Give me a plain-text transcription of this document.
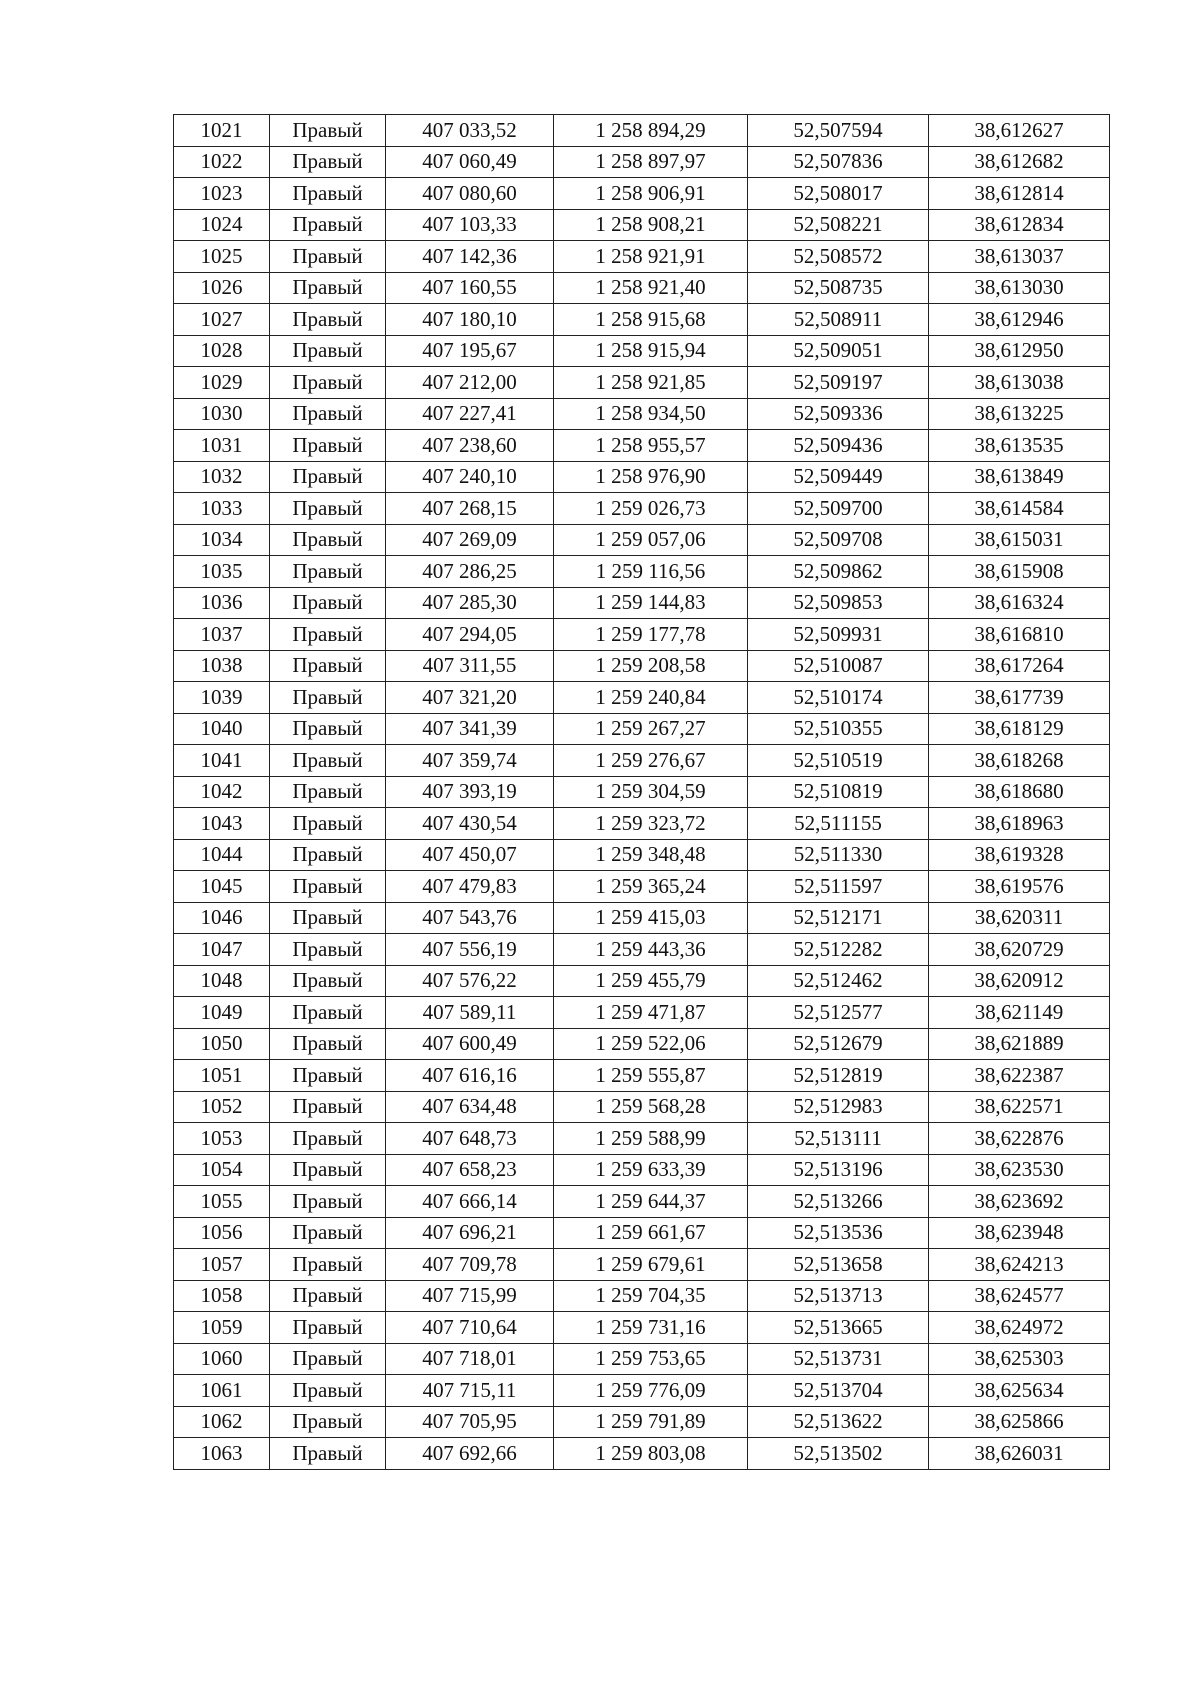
1021	Правый	407 033,52	1 258 894,29	52,507594	38,612627
1022	Правый	407 060,49	1 258 897,97	52,507836	38,612682
1023	Правый	407 080,60	1 258 906,91	52,508017	38,612814
1024	Правый	407 103,33	1 258 908,21	52,508221	38,612834
1025	Правый	407 142,36	1 258 921,91	52,508572	38,613037
1026	Правый	407 160,55	1 258 921,40	52,508735	38,613030
1027	Правый	407 180,10	1 258 915,68	52,508911	38,612946
1028	Правый	407 195,67	1 258 915,94	52,509051	38,612950
1029	Правый	407 212,00	1 258 921,85	52,509197	38,613038
1030	Правый	407 227,41	1 258 934,50	52,509336	38,613225
1031	Правый	407 238,60	1 258 955,57	52,509436	38,613535
1032	Правый	407 240,10	1 258 976,90	52,509449	38,613849
1033	Правый	407 268,15	1 259 026,73	52,509700	38,614584
1034	Правый	407 269,09	1 259 057,06	52,509708	38,615031
1035	Правый	407 286,25	1 259 116,56	52,509862	38,615908
1036	Правый	407 285,30	1 259 144,83	52,509853	38,616324
1037	Правый	407 294,05	1 259 177,78	52,509931	38,616810
1038	Правый	407 311,55	1 259 208,58	52,510087	38,617264
1039	Правый	407 321,20	1 259 240,84	52,510174	38,617739
1040	Правый	407 341,39	1 259 267,27	52,510355	38,618129
1041	Правый	407 359,74	1 259 276,67	52,510519	38,618268
1042	Правый	407 393,19	1 259 304,59	52,510819	38,618680
1043	Правый	407 430,54	1 259 323,72	52,511155	38,618963
1044	Правый	407 450,07	1 259 348,48	52,511330	38,619328
1045	Правый	407 479,83	1 259 365,24	52,511597	38,619576
1046	Правый	407 543,76	1 259 415,03	52,512171	38,620311
1047	Правый	407 556,19	1 259 443,36	52,512282	38,620729
1048	Правый	407 576,22	1 259 455,79	52,512462	38,620912
1049	Правый	407 589,11	1 259 471,87	52,512577	38,621149
1050	Правый	407 600,49	1 259 522,06	52,512679	38,621889
1051	Правый	407 616,16	1 259 555,87	52,512819	38,622387
1052	Правый	407 634,48	1 259 568,28	52,512983	38,622571
1053	Правый	407 648,73	1 259 588,99	52,513111	38,622876
1054	Правый	407 658,23	1 259 633,39	52,513196	38,623530
1055	Правый	407 666,14	1 259 644,37	52,513266	38,623692
1056	Правый	407 696,21	1 259 661,67	52,513536	38,623948
1057	Правый	407 709,78	1 259 679,61	52,513658	38,624213
1058	Правый	407 715,99	1 259 704,35	52,513713	38,624577
1059	Правый	407 710,64	1 259 731,16	52,513665	38,624972
1060	Правый	407 718,01	1 259 753,65	52,513731	38,625303
1061	Правый	407 715,11	1 259 776,09	52,513704	38,625634
1062	Правый	407 705,95	1 259 791,89	52,513622	38,625866
1063	Правый	407 692,66	1 259 803,08	52,513502	38,626031
